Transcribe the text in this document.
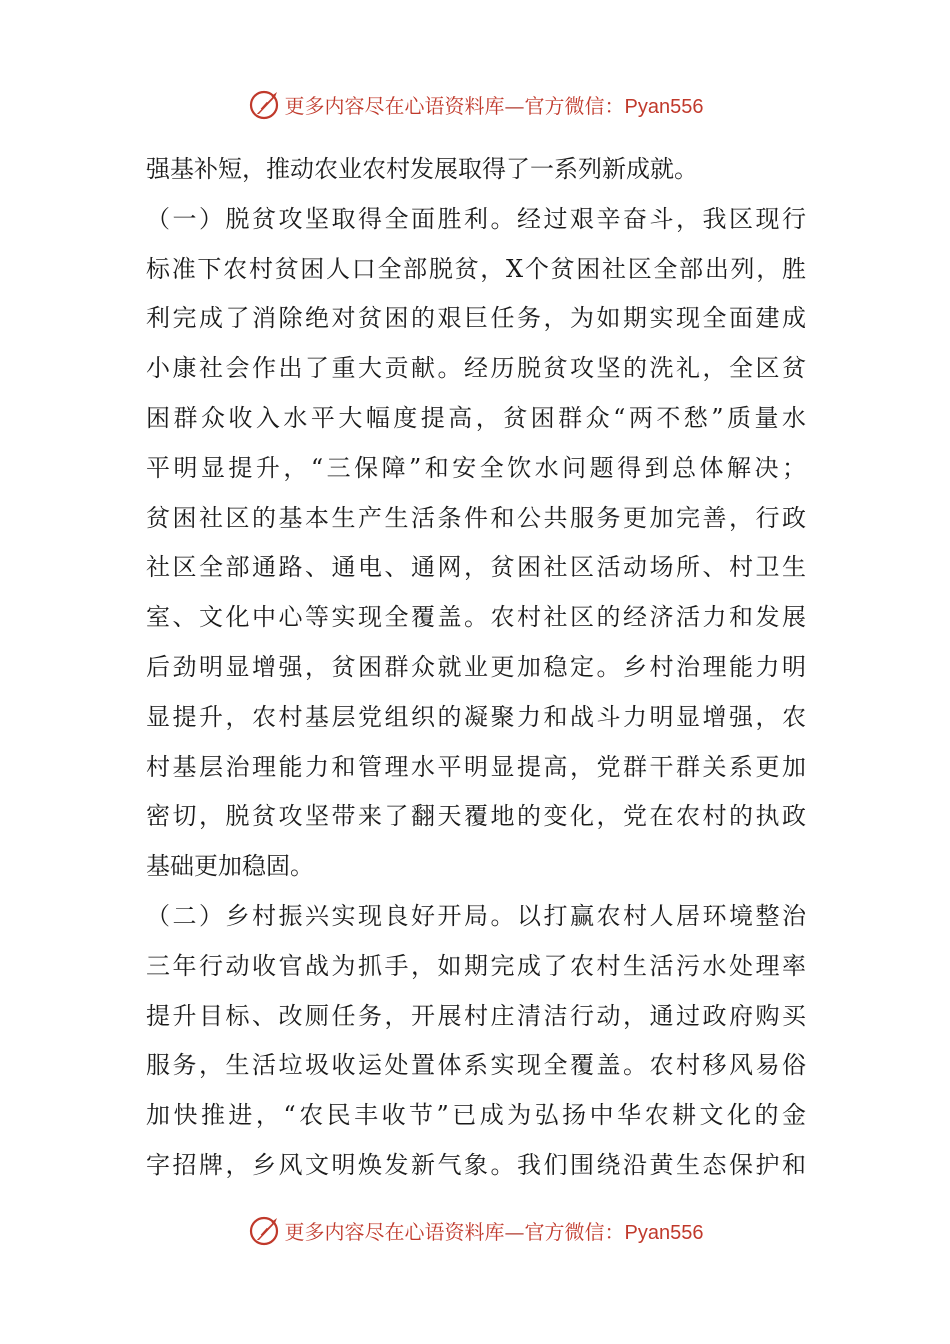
更多内容尽在心语资料库—官方微信：Pyan556
强基补短，推动农业农村发展取得了一系列新成就。
（一）脱贫攻坚取得全面胜利。经过艰辛奋斗，我区现行
标准下农村贫困人口全部脱贫，X个贫困社区全部出列，胜
利完成了消除绝对贫困的艰巨任务，为如期实现全面建成
小康社会作出了重大贡献。经历脱贫攻坚的洗礼，全区贫
困群众收入水平大幅度提高，贫困群众“两不愁”质量水
平明显提升，“三保障”和安全饮水问题得到总体解决；
贫困社区的基本生产生活条件和公共服务更加完善，行政
社区全部通路、通电、通网，贫困社区活动场所、村卫生
室、文化中心等实现全覆盖。农村社区的经济活力和发展
后劲明显增强，贫困群众就业更加稳定。乡村治理能力明
显提升，农村基层党组织的凝聚力和战斗力明显增强，农
村基层治理能力和管理水平明显提高，党群干群关系更加
密切，脱贫攻坚带来了翻天覆地的变化，党在农村的执政
基础更加稳固。
（二）乡村振兴实现良好开局。以打赢农村人居环境整治
三年行动收官战为抓手，如期完成了农村生活污水处理率
提升目标、改厕任务，开展村庄清洁行动，通过政府购买
服务，生活垃圾收运处置体系实现全覆盖。农村移风易俗
加快推进，“农民丰收节”已成为弘扬中华农耕文化的金
字招牌，乡风文明焕发新气象。我们围绕沿黄生态保护和
更多内容尽在心语资料库—官方微信：Pyan556
